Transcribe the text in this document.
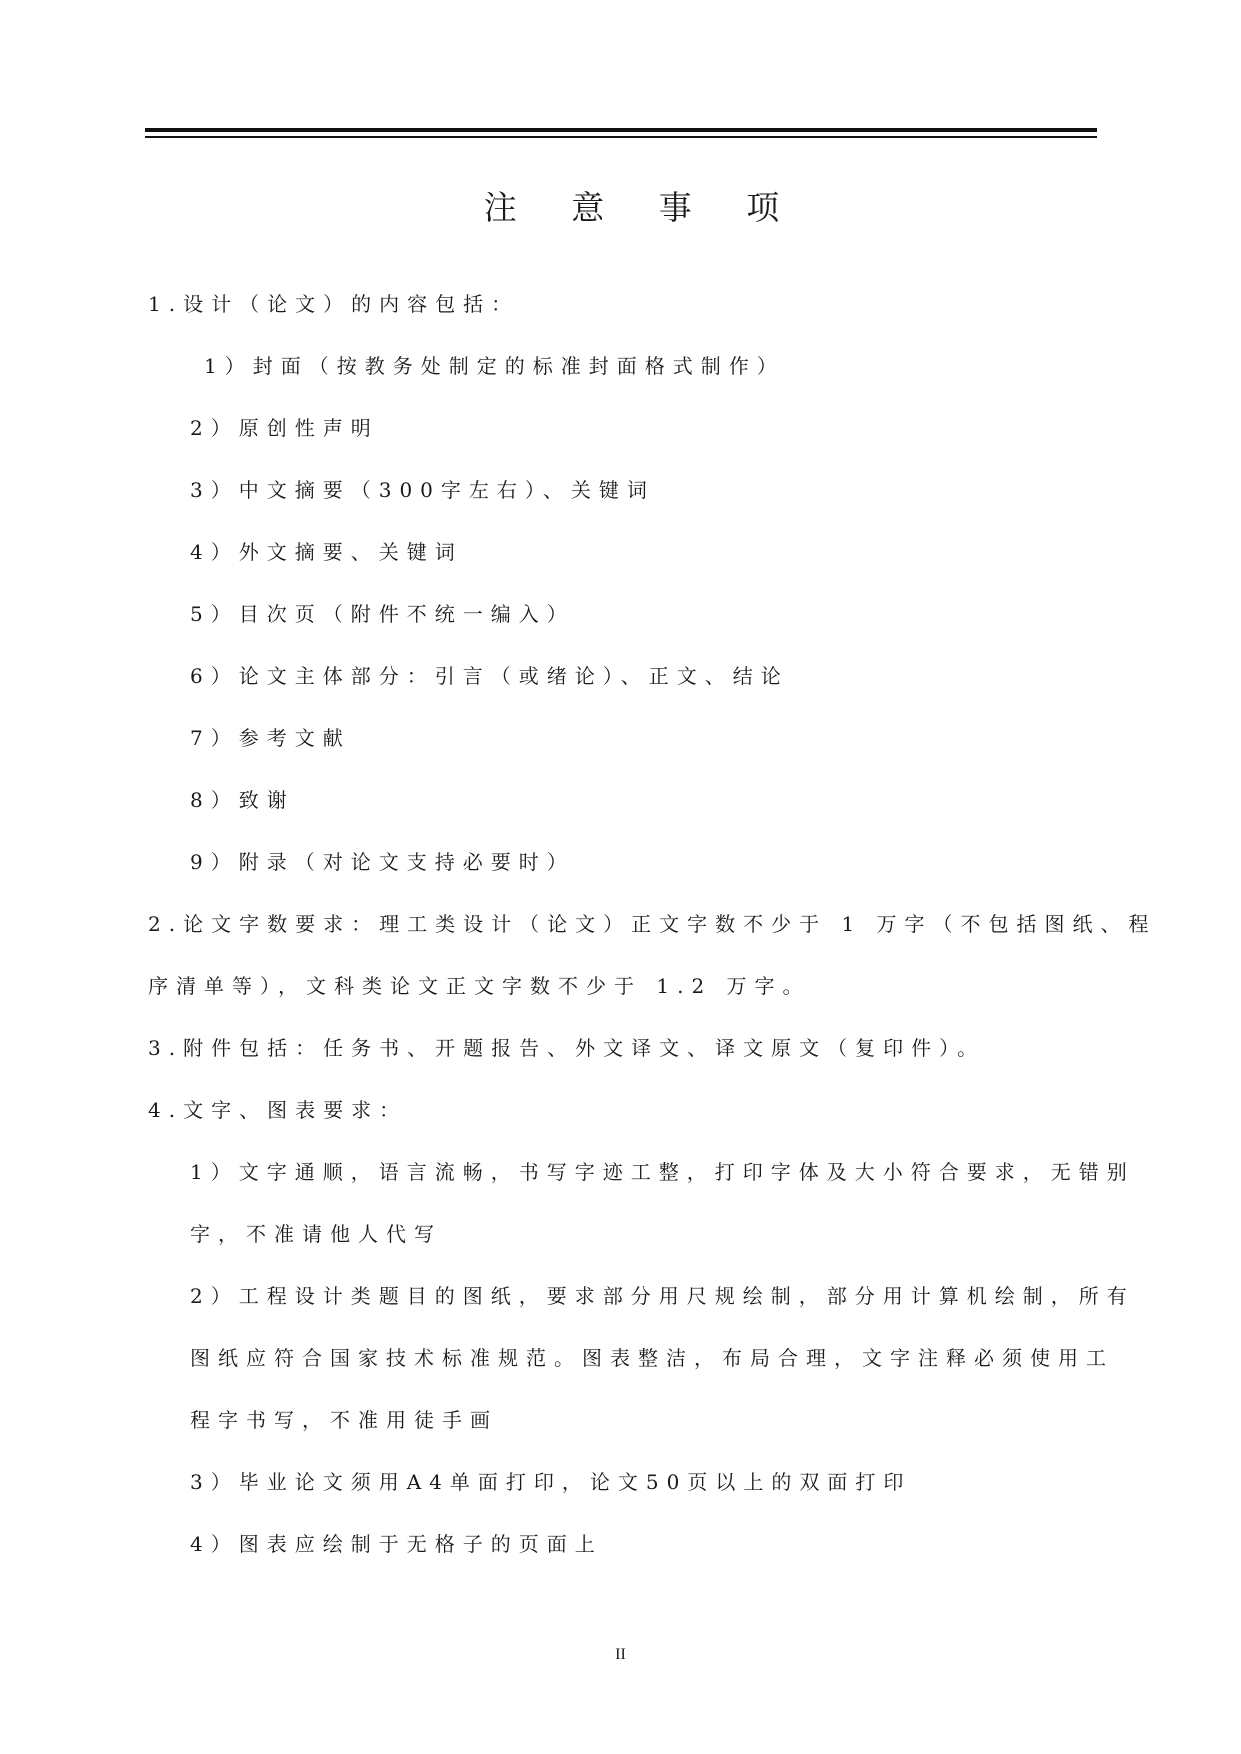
注 意 事 项
1.设计（论文）的内容包括：
1）封面（按教务处制定的标准封面格式制作）
2）原创性声明
3）中文摘要（300字左右）、关键词
4）外文摘要、关键词
5）目次页（附件不统一编入）
6）论文主体部分：引言（或绪论）、正文、结论
7）参考文献
8）致谢
9）附录（对论文支持必要时）
2.论文字数要求：理工类设计（论文）正文字数不少于 1 万字（不包括图纸、程
序清单等），文科类论文正文字数不少于 1.2 万字。
3.附件包括：任务书、开题报告、外文译文、译文原文（复印件）。
4.文字、图表要求：
1）文字通顺，语言流畅，书写字迹工整，打印字体及大小符合要求，无错别
字，不准请他人代写
2）工程设计类题目的图纸，要求部分用尺规绘制，部分用计算机绘制，所有
图纸应符合国家技术标准规范。图表整洁，布局合理，文字注释必须使用工
程字书写，不准用徒手画
3）毕业论文须用A4单面打印，论文50页以上的双面打印
4）图表应绘制于无格子的页面上
II
